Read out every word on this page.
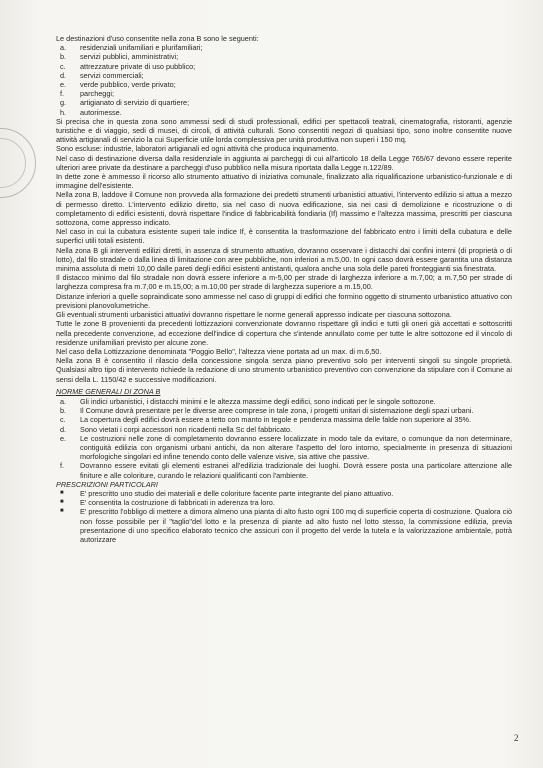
Le destinazioni d'uso consentite nella zona B sono le seguenti:

a.	residenziali unifamiliari e plurifamiliari;
b.	servizi pubblici, amministrativi;
c.	attrezzature private di uso pubblico;
d.	servizi commerciali;
e.	verde pubblico, verde privato;
f.	parcheggi;
g.	artigianato di servizio di quartiere;
h.	autorimesse.

Si precisa che in questa zona sono ammessi sedi di studi professionali, edifici per spettacoli teatrali, cinematografia, ristoranti, agenzie turistiche e di viaggio, sedi di musei, di circoli, di attività culturali. Sono consentiti negozi di qualsiasi tipo, sono inoltre consentite nuove attività artigianali di servizio la cui Superficie utile lorda complessiva per unità produttiva non superi i 150 mq.

Sono escluse: industrie, laboratori artigianali ed ogni attività che produca inquinamento.

Nel caso di destinazione diversa dalla residenziale in aggiunta ai parcheggi di cui all'articolo 18 della Legge 765/67 devono essere reperite ulteriori aree private da destinare a parcheggi d'uso pubblico nella misura riportata dalla Legge n.122/89.

In dette zone è ammesso il ricorso allo strumento attuativo di iniziativa comunale, finalizzato alla riqualificazione urbanistico-funzionale e di immagine dell'esistente.

Nella zona B, laddove il Comune non provveda alla formazione dei predetti strumenti urbanistici attuativi, l'intervento edilizio si attua a mezzo di permesso diretto. L'intervento edilizio diretto, sia nel caso di nuova edificazione, sia nei casi di demolizione e ricostruzione o di completamento di edifici esistenti, dovrà rispettare l'indice di fabbricabilità fondiaria (If) massimo e l'altezza massima, prescritti per ciascuna sottozona, come appresso indicato.

Nel caso in cui la cubatura esistente superi tale indice If, è consentita la trasformazione del fabbricato entro i limiti della cubatura e delle superfici utili totali esistenti.

Nella zona B gli interventi edilizi diretti, in assenza di strumento attuativo, dovranno osservare i distacchi dai confini interni (di proprietà o di lotto), dal filo stradale o dalla linea di limitazione con aree pubbliche, non inferiori a m.5,00. In ogni caso dovrà essere garantita una distanza minima assoluta di metri 10,00 dalle pareti degli edifici esistenti antistanti, qualora anche una sola delle pareti fronteggianti sia finestrata.

Il distacco minimo dal filo stradale non dovrà essere inferiore a m-5,00 per strade di larghezza inferiore a m.7,00; a m.7,50 per strade di larghezza compresa fra m.7,00 e m.15,00; a m.10,00 per strade di larghezza superiore a m.15,00.

Distanze inferiori a quelle sopraindicate sono ammesse nel caso di gruppi di edifici che formino oggetto di strumento urbanistico attuativo con previsioni planovolumetriche.

Gli eventuali strumenti urbanistici attuativi dovranno rispettare le norme generali appresso indicate per ciascuna sottozona.

Tutte le zone B provenienti da precedenti lottizzazioni convenzionate dovranno rispettare gli indici e tutti gli oneri già accettati e sottoscritti nella precedente convenzione, ad eccezione dell'indice di copertura che s'intende annullato come per tutte le altre sottozone ed il vincolo di residenze unifamiliari previsto per alcune zone.

Nel caso della Lottizzazione denominata "Poggio Bello", l'altezza viene portata ad un max. di m.6,50.

Nella zona B è consentito il rilascio della concessione singola senza piano preventivo solo per interventi singoli su singole proprietà. Qualsiasi altro tipo di intervento richiede la redazione di uno strumento urbanistico preventivo con convenzione da stipulare con il Comune ai sensi della L. 1150/42 e successive modificazioni.

NORME GENERALI DI ZONA B

a.	Gli indici urbanistici, i distacchi minimi e le altezza massime degli edifici, sono indicati per le singole sottozone.
b.	Il Comune dovrà presentare per le diverse aree comprese in tale zona, i progetti unitari di sistemazione degli spazi urbani.
c.	La copertura degli edifici dovrà essere a tetto con manto in tegole e pendenza massima delle falde non superiore al 35%.
d.	Sono vietati i corpi accessori non ricadenti nella Sc del fabbricato.
e.	Le costruzioni nelle zone di completamento dovranno essere localizzate in modo tale da evitare, o comunque da non determinare, contiguità edilizia con organismi urbani antichi, da non alterare l'aspetto del loro intorno, specialmente in presenza di situazioni morfologiche singolari ed infine tenendo conto delle valenze visive, sia attive che passive.
f.	Dovranno essere evitati gli elementi estranei all'edilizia tradizionale dei luoghi. Dovrà essere posta una particolare attenzione alle finiture e alle coloriture, curando le relazioni qualificanti con l'ambiente.

PRESCRIZIONI PARTICOLARI

■	E' prescritto uno studio dei materiali e delle coloriture facente parte integrante del piano attuativo.
■	E' consentita la costruzione di fabbricati in aderenza tra loro.
■	E' prescritto l'obbligo di mettere a dimora almeno una pianta di alto fusto ogni 100 mq di superficie coperta di costruzione. Qualora ciò non fosse possibile per il "taglio"del lotto e la presenza di piante ad alto fusto nel lotto stesso, la commissione edilizia, previa presentazione di uno specifico elaborato tecnico che assicuri con il progetto del verde la tutela e la valorizzazione ambientale, potrà autorizzare
2
